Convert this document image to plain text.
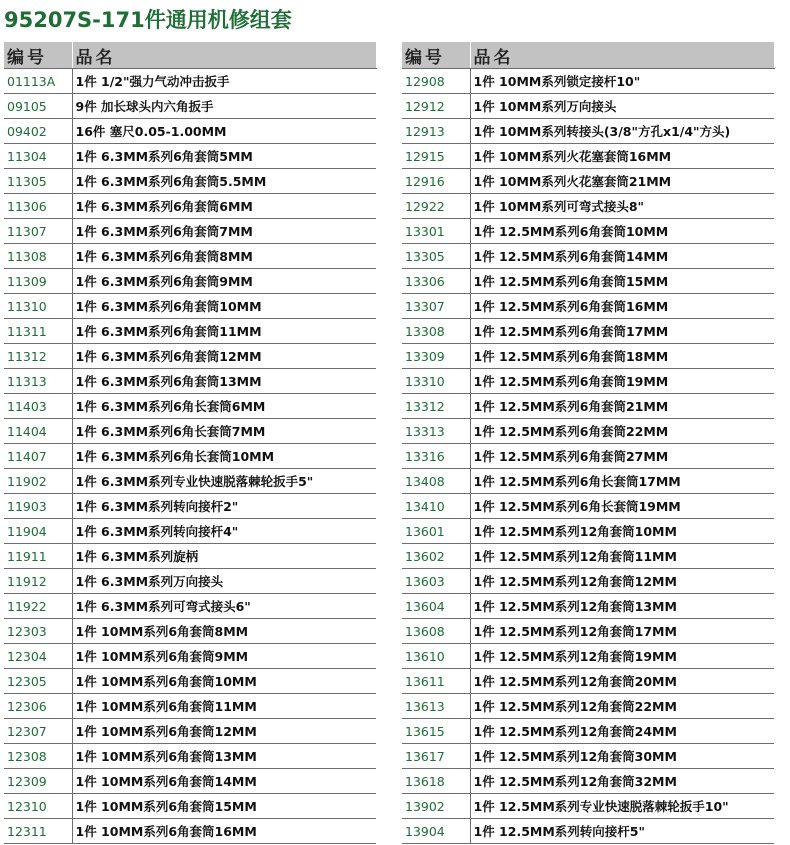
95207S-171件通用机修组套
编号	品名
01113A	1件 1/2"强力气动冲击扳手
09105	9件 加长球头内六角扳手
09402	16件 塞尺0.05-1.00MM
11304	1件 6.3MM系列6角套筒5MM
11305	1件 6.3MM系列6角套筒5.5MM
11306	1件 6.3MM系列6角套筒6MM
11307	1件 6.3MM系列6角套筒7MM
11308	1件 6.3MM系列6角套筒8MM
11309	1件 6.3MM系列6角套筒9MM
11310	1件 6.3MM系列6角套筒10MM
11311	1件 6.3MM系列6角套筒11MM
11312	1件 6.3MM系列6角套筒12MM
11313	1件 6.3MM系列6角套筒13MM
11403	1件 6.3MM系列6角长套筒6MM
11404	1件 6.3MM系列6角长套筒7MM
11407	1件 6.3MM系列6角长套筒10MM
11902	1件 6.3MM系列专业快速脱落棘轮扳手5"
11903	1件 6.3MM系列转向接杆2"
11904	1件 6.3MM系列转向接杆4"
11911	1件 6.3MM系列旋柄
11912	1件 6.3MM系列万向接头
11922	1件 6.3MM系列可弯式接头6"
12303	1件 10MM系列6角套筒8MM
12304	1件 10MM系列6角套筒9MM
12305	1件 10MM系列6角套筒10MM
12306	1件 10MM系列6角套筒11MM
12307	1件 10MM系列6角套筒12MM
12308	1件 10MM系列6角套筒13MM
12309	1件 10MM系列6角套筒14MM
12310	1件 10MM系列6角套筒15MM
12311	1件 10MM系列6角套筒16MM
编号	品名
12908	1件 10MM系列锁定接杆10"
12912	1件 10MM系列万向接头
12913	1件 10MM系列转接头(3/8"方孔x1/4"方头)
12915	1件 10MM系列火花塞套筒16MM
12916	1件 10MM系列火花塞套筒21MM
12922	1件 10MM系列可弯式接头8"
13301	1件 12.5MM系列6角套筒10MM
13305	1件 12.5MM系列6角套筒14MM
13306	1件 12.5MM系列6角套筒15MM
13307	1件 12.5MM系列6角套筒16MM
13308	1件 12.5MM系列6角套筒17MM
13309	1件 12.5MM系列6角套筒18MM
13310	1件 12.5MM系列6角套筒19MM
13312	1件 12.5MM系列6角套筒21MM
13313	1件 12.5MM系列6角套筒22MM
13316	1件 12.5MM系列6角套筒27MM
13408	1件 12.5MM系列6角长套筒17MM
13410	1件 12.5MM系列6角长套筒19MM
13601	1件 12.5MM系列12角套筒10MM
13602	1件 12.5MM系列12角套筒11MM
13603	1件 12.5MM系列12角套筒12MM
13604	1件 12.5MM系列12角套筒13MM
13608	1件 12.5MM系列12角套筒17MM
13610	1件 12.5MM系列12角套筒19MM
13611	1件 12.5MM系列12角套筒20MM
13613	1件 12.5MM系列12角套筒22MM
13615	1件 12.5MM系列12角套筒24MM
13617	1件 12.5MM系列12角套筒30MM
13618	1件 12.5MM系列12角套筒32MM
13902	1件 12.5MM系列专业快速脱落棘轮扳手10"
13904	1件 12.5MM系列转向接杆5"
